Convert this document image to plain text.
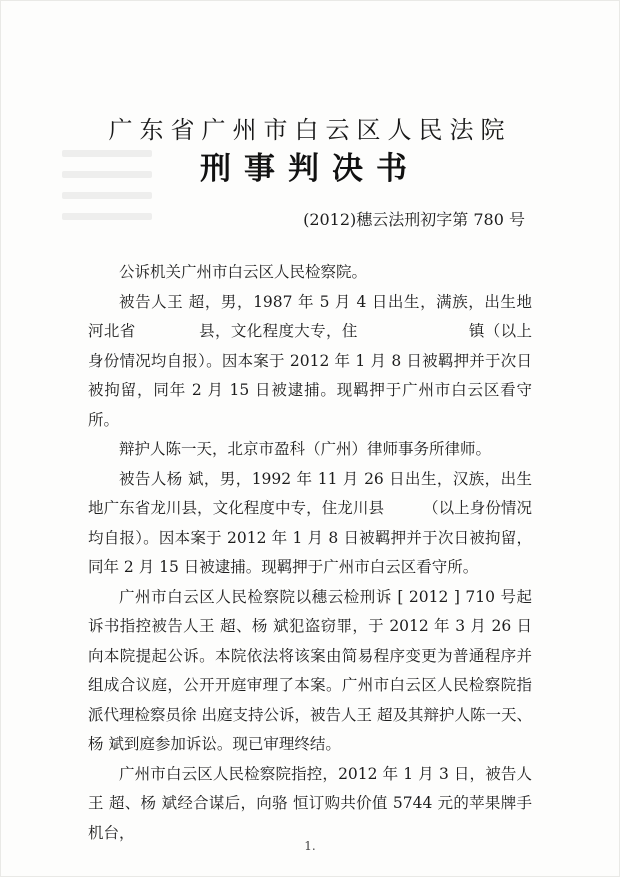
广东省广州市白云区人民法院
刑事判决书
(2012)穗云法刑初字第 780 号

公诉机关广州市白云区人民检察院。

被告人王 超，男，1987 年 5 月 4 日出生，满族，出生地河北省　　　　县，文化程度大专，住　　　　　　　镇（以上身份情况均自报）。因本案于 2012 年 1 月 8 日被羁押并于次日被拘留，同年 2 月 15 日被逮捕。现羁押于广州市白云区看守所。

辩护人陈一天，北京市盈科（广州）律师事务所律师。

被告人杨 斌，男，1992 年 11 月 26 日出生，汉族，出生地广东省龙川县，文化程度中专，住龙川县　　　（以上身份情况均自报）。因本案于 2012 年 1 月 8 日被羁押并于次日被拘留，同年 2 月 15 日被逮捕。现羁押于广州市白云区看守所。

广州市白云区人民检察院以穗云检刑诉 [ 2012 ] 710 号起诉书指控被告人王 超、杨 斌犯盗窃罪，于 2012 年 3 月 26 日向本院提起公诉。本院依法将该案由简易程序变更为普通程序并组成合议庭，公开开庭审理了本案。广州市白云区人民检察院指派代理检察员徐 出庭支持公诉，被告人王 超及其辩护人陈一天、杨 斌到庭参加诉讼。现已审理终结。

广州市白云区人民检察院指控，2012 年 1 月 3 日，被告人王 超、杨 斌经合谋后，向骆 恒订购共价值 5744 元的苹果牌手机台，

1.
